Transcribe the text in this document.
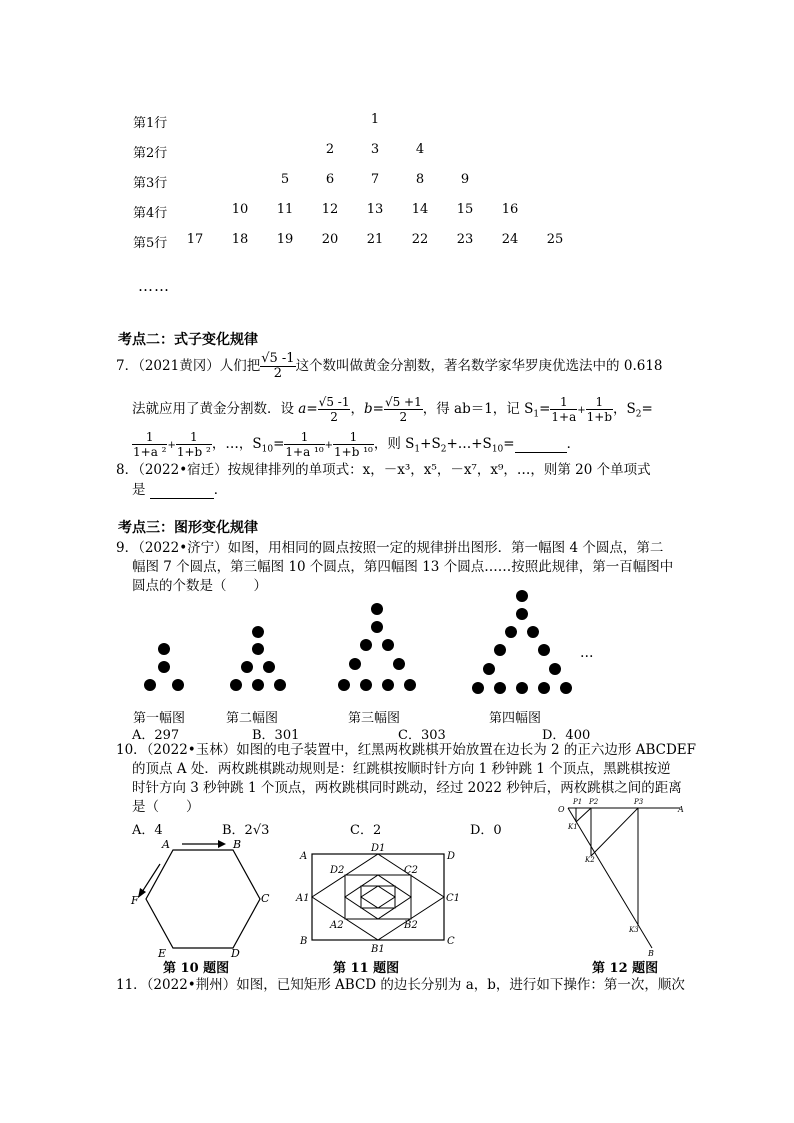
第1行	1
第2行	2	3	4
第3行	5	6	7	8	9
第4行	10 11 12 13 14 15 16
第5行 17 18 19 20 21 22 23 24 25
……
考点二：式子变化规律
7．（2021黄冈）人们把 $\frac{√5 -1}{2}$ 这个数叫做黄金分割数，著名数学家华罗庚优选法中的 0.618
法就应用了黄金分割数．设 $a= \frac{√5 -1}{2}$ ，$b= \frac{√5 +1}{2}$ ，得 ab＝1，记 $S_1= \frac{1}{1+a} + \frac{1}{1+b}$ ，$S_2=$
$\frac{1}{\text{1+a ²}} + \frac{1}{\text{1+b ²}}$ ，…，$S_{10}= \frac{1}{\text{1+a ¹⁰}} + \frac{1}{\text{1+b ¹⁰}}$ ，则 $S_1+S_2+\dots+S_{10}=$	．
8．（2022•宿迁）按规律排列的单项式：x，－x³，x⁵，－x⁷，x⁹，…，则第 20 个单项式
是	．
考点三：图形变化规律
9．（2022•济宁）如图，用相同的圆点按照一定的规律拼出图形．第一幅图 4 个圆点，第二
幅图 7 个圆点，第三幅图 10 个圆点，第四幅图 13 个圆点……按照此规律，第一百幅图中
圆点的个数是（　　）
…
第一幅图	第二幅图	第三幅图	第四幅图
A．297	B．301	C．303	D．400
10．（2022•玉林）如图的电子装置中，红黑两枚跳棋开始放置在边长为 2 的正六边形 ABCDEF
的顶点 A 处．两枚跳棋跳动规则是：红跳棋按顺时针方向 1 秒钟跳 1 个顶点，黑跳棋按逆
时针方向 3 秒钟跳 1 个顶点，两枚跳棋同时跳动，经过 2022 秒钟后，两枚跳棋之间的距离
是（　　）
A．4	B．2√3	C．2	D．0
A	B
C
D
E
F
第 10 题图
A
D1
D
D2	C2
A1	C1
A2	B2
B
B1
C
第 11 题图
O
P1 P2	P3
A
K1
K2
K3
B
第 12 题图
11．（2022•荆州）如图，已知矩形 ABCD 的边长分别为 a，b，进行如下操作：第一次，顺次
